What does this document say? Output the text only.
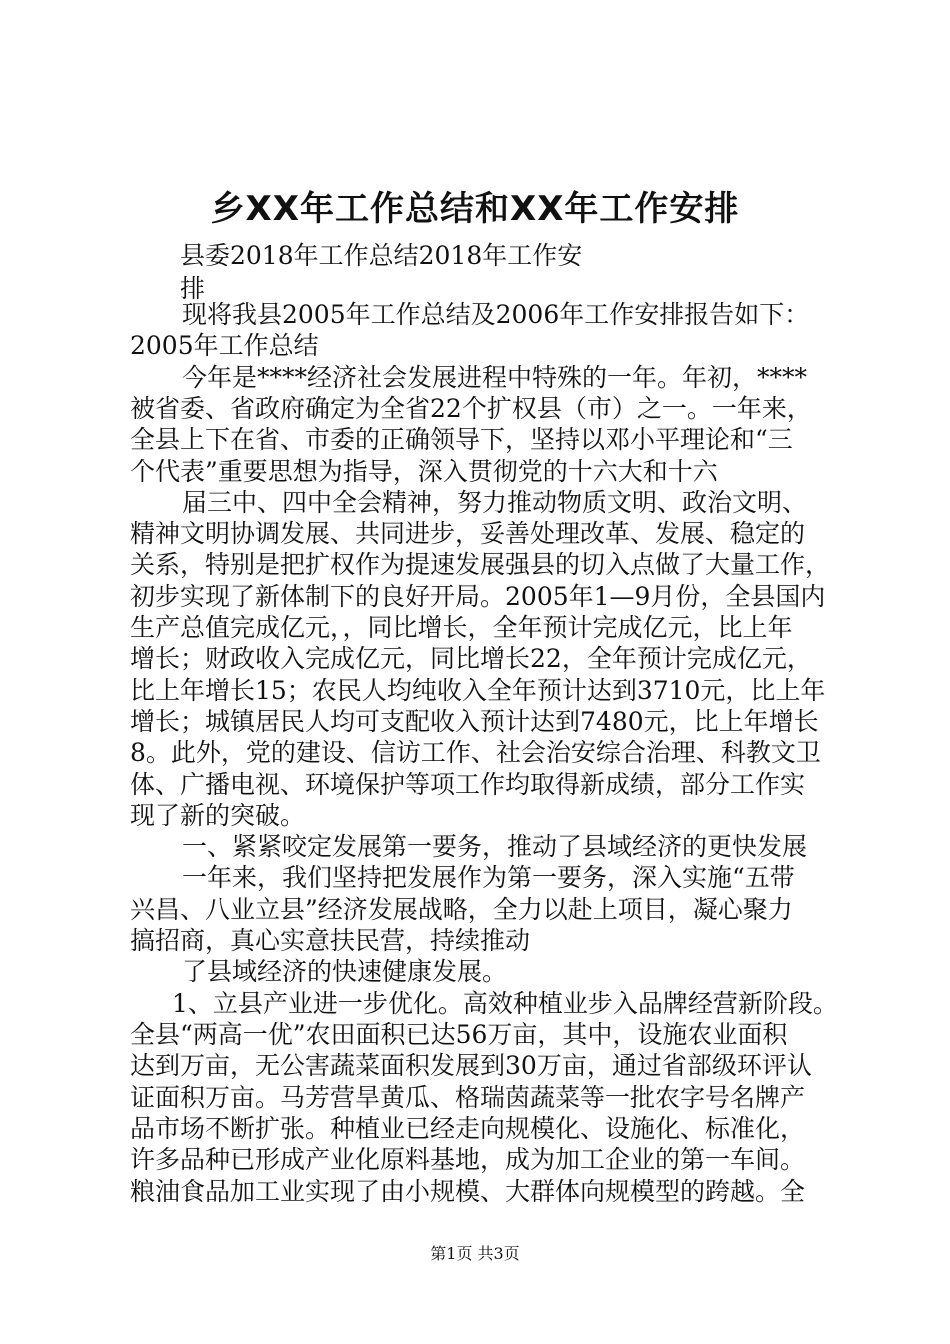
乡XX年工作总结和XX年工作安排
县委2018年工作总结2018年工作安
排
现将我县2005年工作总结及2006年工作安排报告如下：
2005年工作总结
今年是****经济社会发展进程中特殊的一年。年初，****
被省委、省政府确定为全省22个扩权县（市）之一。一年来，
全县上下在省、市委的正确领导下，坚持以邓小平理论和“三
个代表”重要思想为指导，深入贯彻党的十六大和十六
届三中、四中全会精神，努力推动物质文明、政治文明、
精神文明协调发展、共同进步，妥善处理改革、发展、稳定的
关系，特别是把扩权作为提速发展强县的切入点做了大量工作，
初步实现了新体制下的良好开局。2005年1—9月份，全县国内
生产总值完成亿元，，同比增长，全年预计完成亿元，比上年
增长；财政收入完成亿元，同比增长22，全年预计完成亿元，
比上年增长15；农民人均纯收入全年预计达到3710元，比上年
增长；城镇居民人均可支配收入预计达到7480元，比上年增长
8。此外，党的建设、信访工作、社会治安综合治理、科教文卫
体、广播电视、环境保护等项工作均取得新成绩，部分工作实
现了新的突破。
一、紧紧咬定发展第一要务，推动了县域经济的更快发展
一年来，我们坚持把发展作为第一要务，深入实施“五带
兴昌、八业立县”经济发展战略，全力以赴上项目，凝心聚力
搞招商，真心实意扶民营，持续推动
了县域经济的快速健康发展。
1、立县产业进一步优化。高效种植业步入品牌经营新阶段。
全县“两高一优”农田面积已达56万亩，其中，设施农业面积
达到万亩，无公害蔬菜面积发展到30万亩，通过省部级环评认
证面积万亩。马芳营旱黄瓜、格瑞茵蔬菜等一批农字号名牌产
品市场不断扩张。种植业已经走向规模化、设施化、标准化，
许多品种已形成产业化原料基地，成为加工企业的第一车间。
粮油食品加工业实现了由小规模、大群体向规模型的跨越。全
第1页 共3页
